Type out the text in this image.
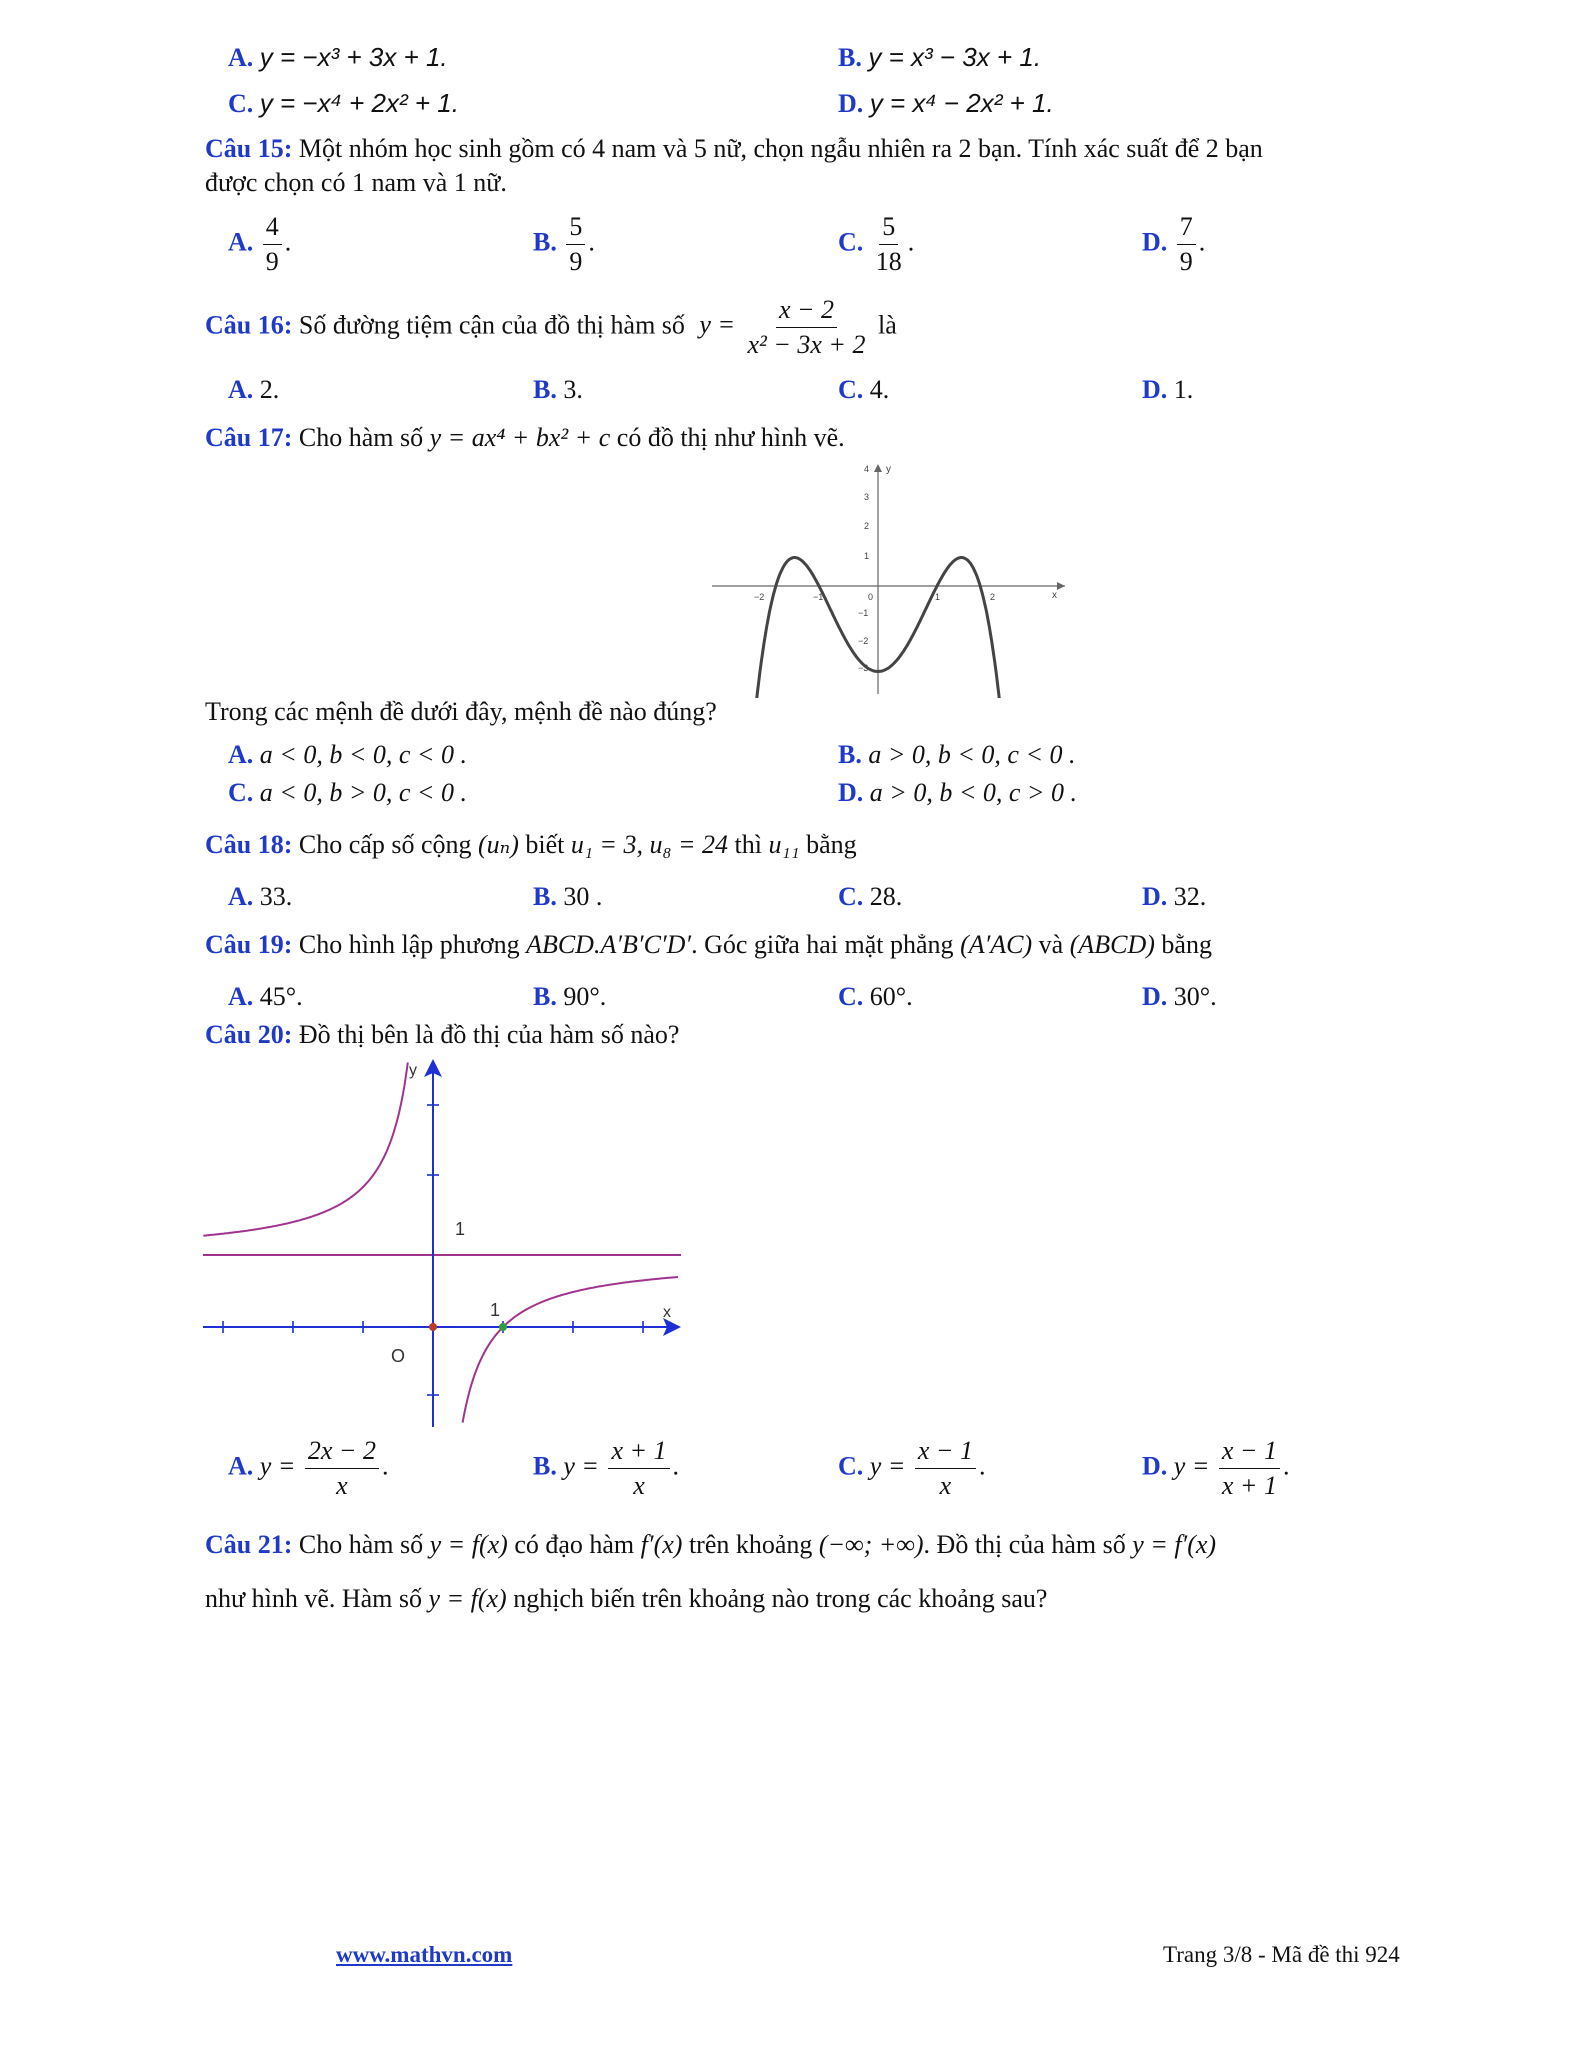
A. y = −x³ + 3x + 1.	B. y = x³ − 3x + 1.
C. y = −x⁴ + 2x² + 1.	D. y = x⁴ − 2x² + 1.
Câu 15: Một nhóm học sinh gồm có 4 nam và 5 nữ, chọn ngẫu nhiên ra 2 bạn. Tính xác suất để 2 bạn
được chọn có 1 nam và 1 nữ.
A. $\frac{4}{9}$ .	B. $\frac{5}{9}$ .	C. $\frac{5}{18}$ .	D. $\frac{7}{9}$ .
Câu 16: Số đường tiệm cận của đồ thị hàm số $y = \frac{x - 2}{\text{x² − 3x + 2}}$ là
A. 2.	B. 3.	C. 4.	D. 1.
Câu 17: Cho hàm số y = ax⁴ + bx² + c có đồ thị như hình vẽ.
x
y
−2	−1	0	1	2
4
3
2
1
−1
−2
−3
Trong các mệnh đề dưới đây, mệnh đề nào đúng?
A. a < 0, b < 0, c < 0 .	B. a > 0, b < 0, c < 0 .
C. a < 0, b > 0, c < 0 .	D. a > 0, b < 0, c > 0 .
Câu 18: Cho cấp số cộng (uₙ) biết u₁ = 3, u₈ = 24 thì u₁₁ bằng
A. 33.	B. 30 .	C. 28.	D. 32.
Câu 19: Cho hình lập phương ABCD.A′B′C′D′. Góc giữa hai mặt phẳng (A′AC) và (ABCD) bằng
A. 45°.	B. 90°.	C. 60°.	D. 30°.
Câu 20: Đồ thị bên là đồ thị của hàm số nào?
y
x
O
1
1
A. $y = \frac{2x - 2}{x}$ .	B. $y = \frac{x + 1}{x}$ .	C. $y = \frac{x - 1}{x}$ .	D. $y = \frac{x - 1}{x + 1}$ .
Câu 21: Cho hàm số y = f(x) có đạo hàm f′(x) trên khoảng (−∞; +∞). Đồ thị của hàm số y = f′(x)
như hình vẽ. Hàm số y = f(x) nghịch biến trên khoảng nào trong các khoảng sau?
www.mathvn.com	Trang 3/8 - Mã đề thi 924
